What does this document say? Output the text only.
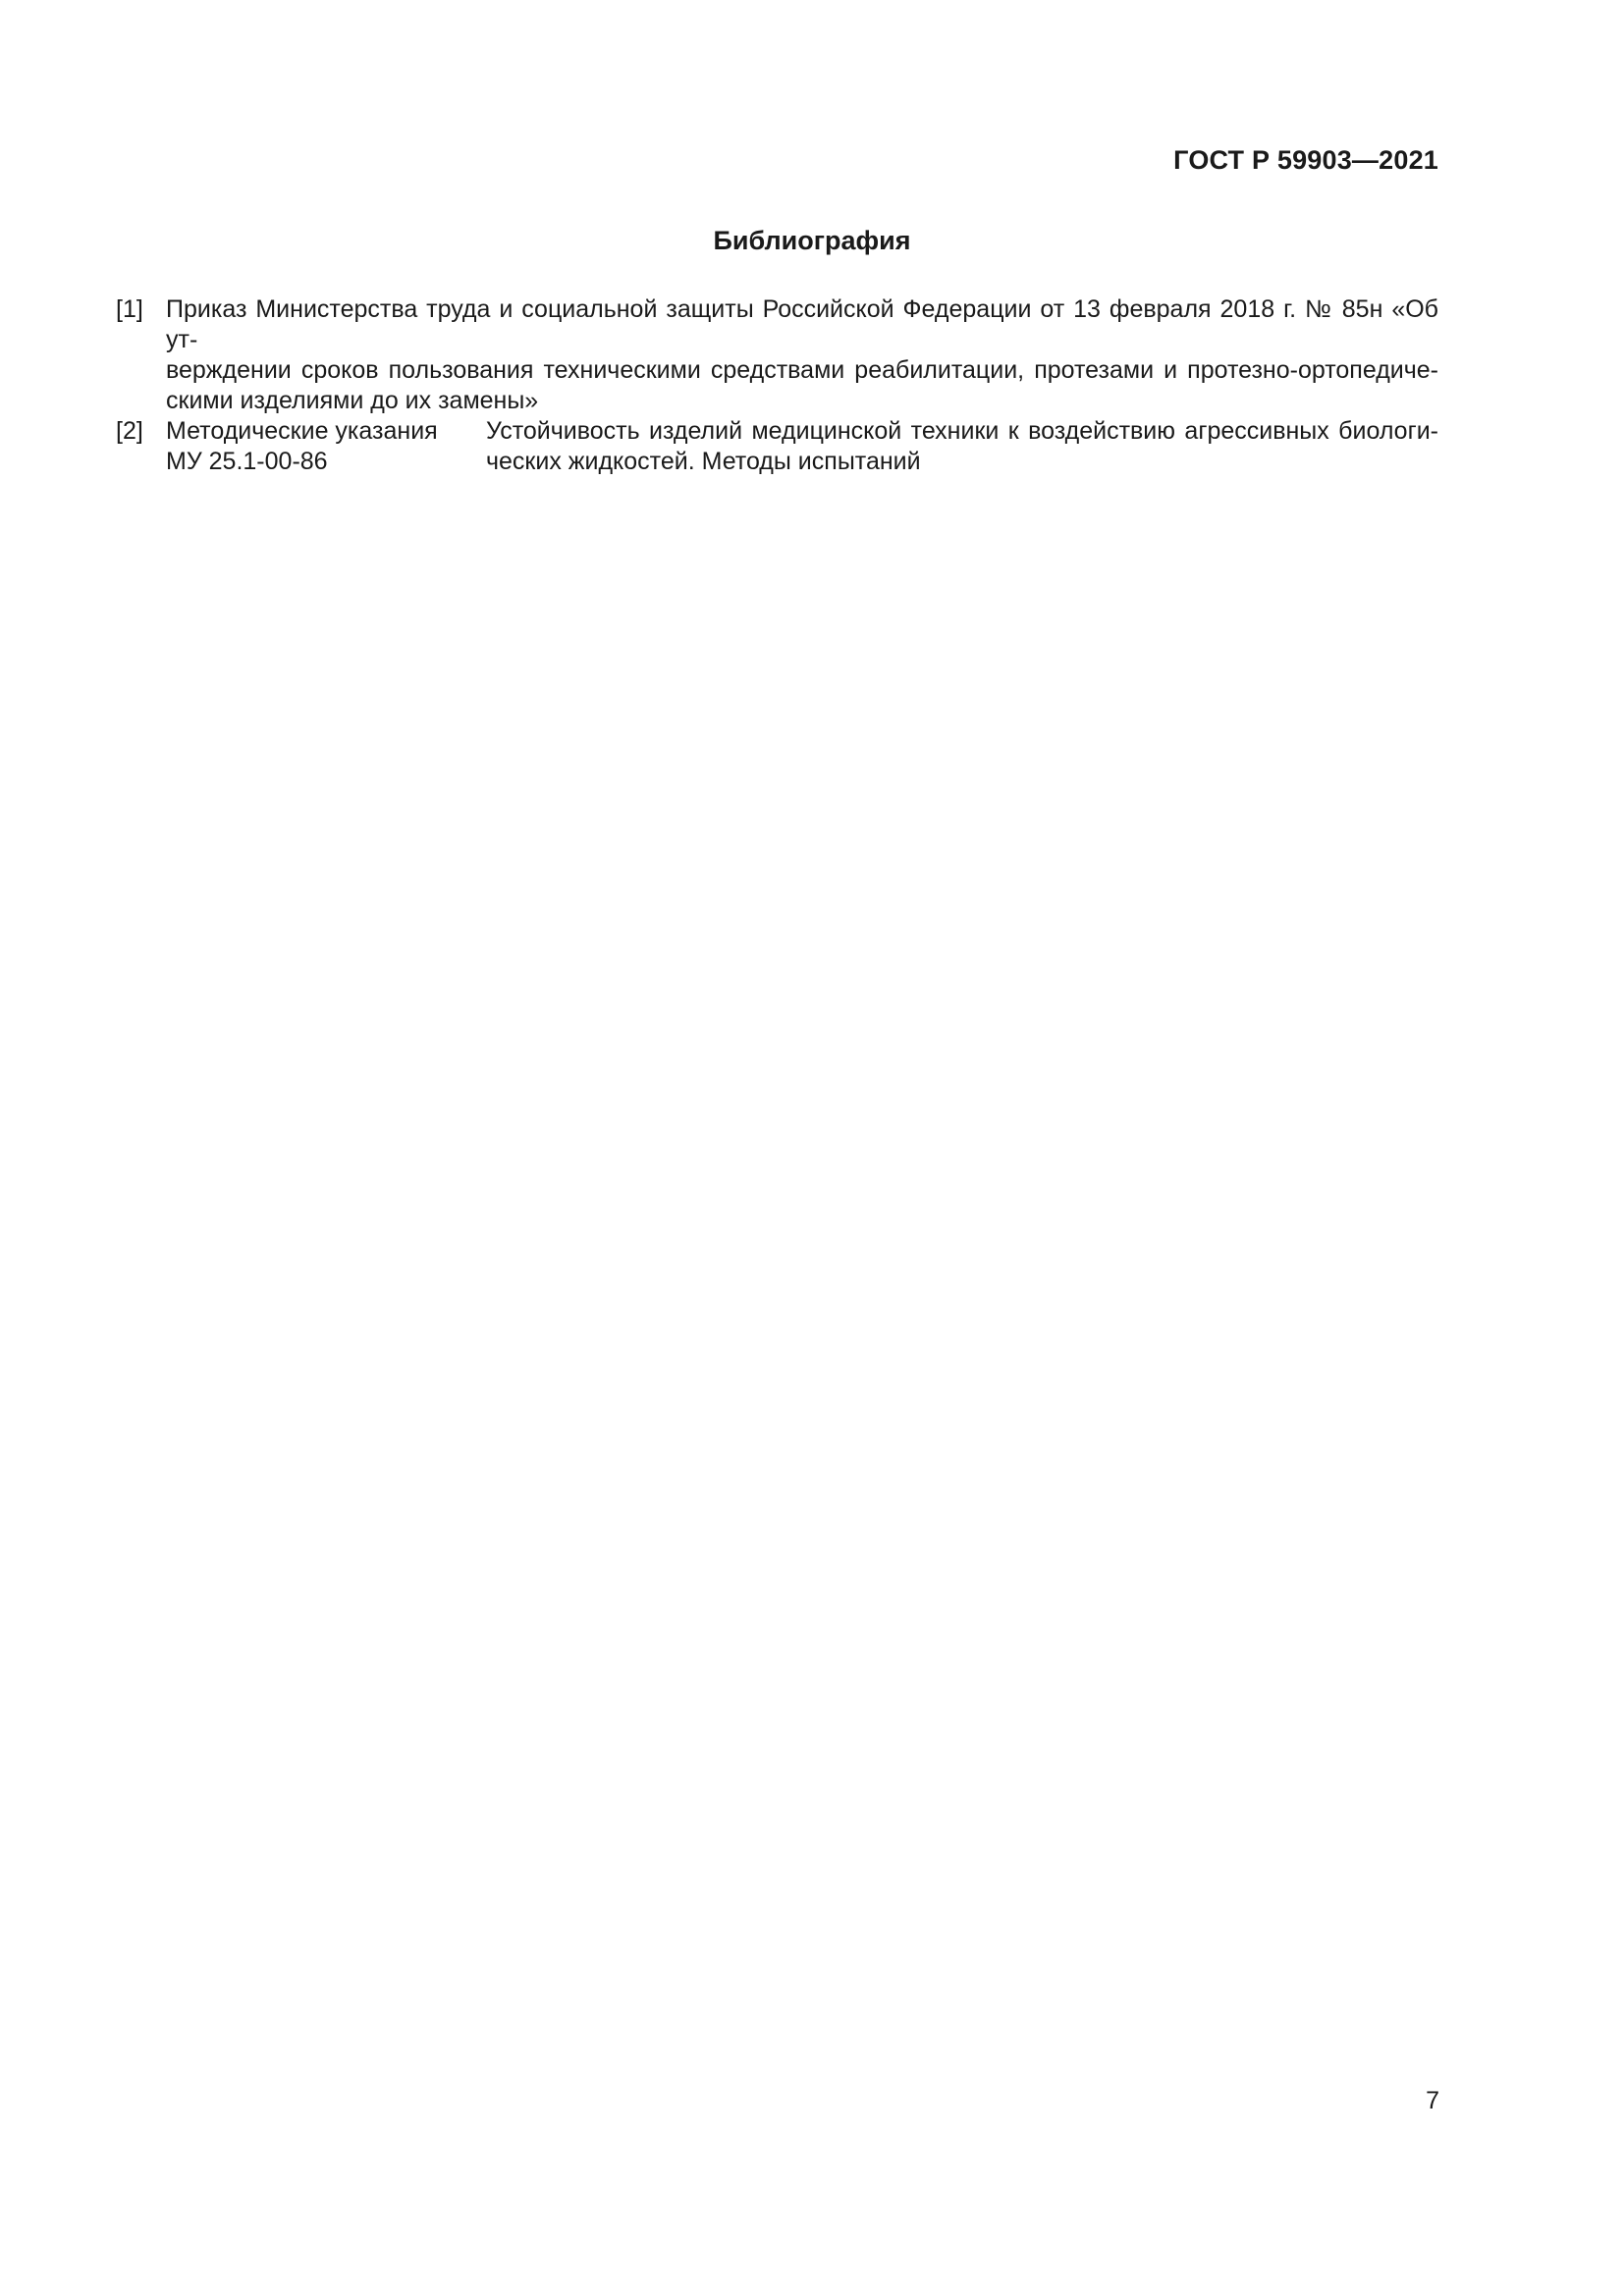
ГОСТ Р 59903—2021
Библиография
[1] Приказ Министерства труда и социальной защиты Российской Федерации от 13 февраля 2018 г. № 85н «Об ут-
верждении сроков пользования техническими средствами реабилитации, протезами и протезно-ортопедиче-
скими изделиями до их замены»
[2] Методические указания
МУ 25.1-00-86
Устойчивость изделий медицинской техники к воздействию агрессивных биологи-
ческих жидкостей. Методы испытаний
7
